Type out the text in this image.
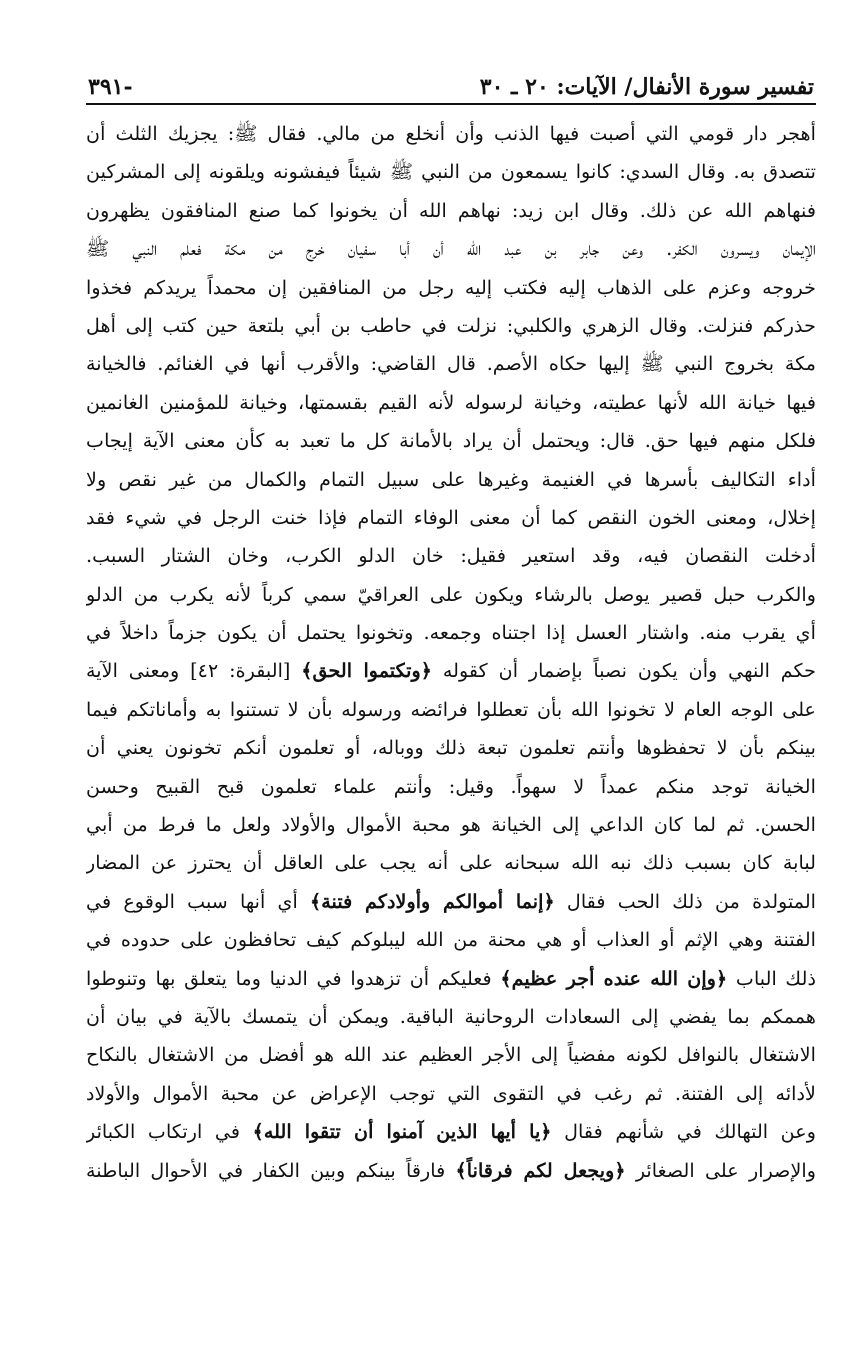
تفسير سورة الأنفال/ الآيات: ٢٠ ـ ٣٠
-٣٩١
أهجر دار قومي التي أصبت فيها الذنب وأن أنخلع من مالي. فقال ﷺ: يجزيك الثلث أن
تتصدق به. وقال السدي: كانوا يسمعون من النبي ﷺ شيئاً فيفشونه ويلقونه إلى المشركين
فنهاهم الله عن ذلك. وقال ابن زيد: نهاهم الله أن يخونوا كما صنع المنافقون يظهرون
الإيمان ويسرون الكفر. وعن جابر بن عبد الله أن أبا سفيان خرج من مكة فعلم النبي ﷺ
خروجه وعزم على الذهاب إليه فكتب إليه رجل من المنافقين إن محمداً يريدكم فخذوا
حذركم فنزلت. وقال الزهري والكلبي: نزلت في حاطب بن أبي بلتعة حين كتب إلى أهل
مكة بخروج النبي ﷺ إليها حكاه الأصم. قال القاضي: والأقرب أنها في الغنائم. فالخيانة
فيها خيانة الله لأنها عطيته، وخيانة لرسوله لأنه القيم بقسمتها، وخيانة للمؤمنين الغانمين
فلكل منهم فيها حق. قال: ويحتمل أن يراد بالأمانة كل ما تعبد به كأن معنى الآية إيجاب
أداء التكاليف بأسرها في الغنيمة وغيرها على سبيل التمام والكمال من غير نقص ولا
إخلال، ومعنى الخون النقص كما أن معنى الوفاء التمام فإذا خنت الرجل في شيء فقد
أدخلت النقصان فيه، وقد استعير فقيل: خان الدلو الكرب، وخان الشتار السبب.
والكرب حبل قصير يوصل بالرشاء ويكون على العراقيّ سمي كرباً لأنه يكرب من الدلو
أي يقرب منه. واشتار العسل إذا اجتناه وجمعه. وتخونوا يحتمل أن يكون جزماً داخلاً في
حكم النهي وأن يكون نصباً بإضمار أن كقوله ﴿وتكتموا الحق﴾ [البقرة: ٤٢] ومعنى الآية
على الوجه العام لا تخونوا الله بأن تعطلوا فرائضه ورسوله بأن لا تستنوا به وأماناتكم فيما
بينكم بأن لا تحفظوها وأنتم تعلمون تبعة ذلك ووباله، أو تعلمون أنكم تخونون يعني أن
الخيانة توجد منكم عمداً لا سهواً. وقيل: وأنتم علماء تعلمون قبح القبيح وحسن
الحسن. ثم لما كان الداعي إلى الخيانة هو محبة الأموال والأولاد ولعل ما فرط من أبي
لبابة كان بسبب ذلك نبه الله سبحانه على أنه يجب على العاقل أن يحترز عن المضار
المتولدة من ذلك الحب فقال ﴿إنما أموالكم وأولادكم فتنة﴾ أي أنها سبب الوقوع في
الفتنة وهي الإثم أو العذاب أو هي محنة من الله ليبلوكم كيف تحافظون على حدوده في
ذلك الباب ﴿وإن الله عنده أجر عظيم﴾ فعليكم أن تزهدوا في الدنيا وما يتعلق بها وتنوطوا
هممكم بما يفضي إلى السعادات الروحانية الباقية. ويمكن أن يتمسك بالآية في بيان أن
الاشتغال بالنوافل لكونه مفضياً إلى الأجر العظيم عند الله هو أفضل من الاشتغال بالنكاح
لأدائه إلى الفتنة. ثم رغب في التقوى التي توجب الإعراض عن محبة الأموال والأولاد
وعن التهالك في شأنهم فقال ﴿يا أيها الذين آمنوا أن تتقوا الله﴾ في ارتكاب الكبائر
والإصرار على الصغائر ﴿ويجعل لكم فرقاناً﴾ فارقاً بينكم وبين الكفار في الأحوال الباطنة
